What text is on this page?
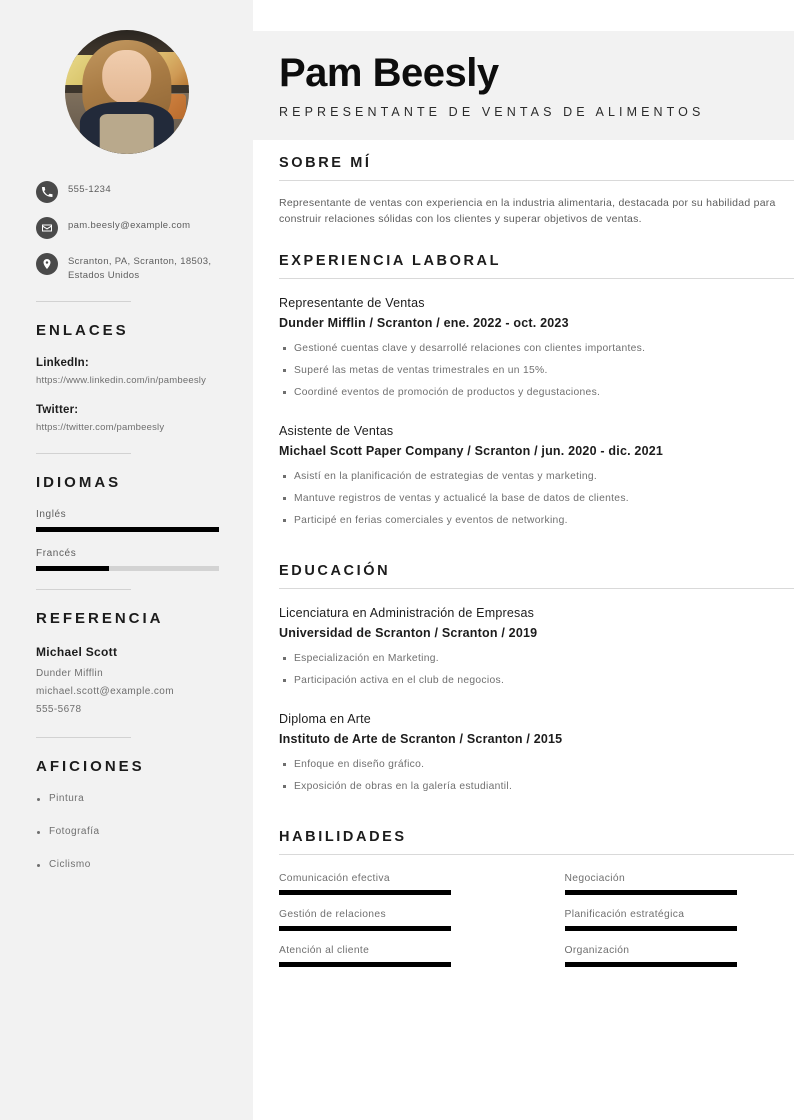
555-1234
pam.beesly@example.com
Scranton, PA, Scranton, 18503, Estados Unidos
ENLACES
LinkedIn:
https://www.linkedin.com/in/pambeesly
Twitter:
https://twitter.com/pambeesly
IDIOMAS
Inglés
Francés
REFERENCIA
Michael Scott
Dunder Mifflin
michael.scott@example.com
555-5678
AFICIONES
Pintura
Fotografía
Ciclismo
Pam Beesly
REPRESENTANTE DE VENTAS DE ALIMENTOS
SOBRE MÍ

Representante de ventas con experiencia en la industria alimentaria, destacada por su habilidad para construir relaciones sólidas con los clientes y superar objetivos de ventas.

EXPERIENCIA LABORAL
Representante de Ventas
Dunder Mifflin / Scranton / ene. 2022 - oct. 2023
Gestioné cuentas clave y desarrollé relaciones con clientes importantes.
Superé las metas de ventas trimestrales en un 15%.
Coordiné eventos de promoción de productos y degustaciones.
Asistente de Ventas
Michael Scott Paper Company / Scranton / jun. 2020 - dic. 2021
Asistí en la planificación de estrategias de ventas y marketing.
Mantuve registros de ventas y actualicé la base de datos de clientes.
Participé en ferias comerciales y eventos de networking.
EDUCACIÓN
Licenciatura en Administración de Empresas
Universidad de Scranton / Scranton / 2019
Especialización en Marketing.
Participación activa en el club de negocios.
Diploma en Arte
Instituto de Arte de Scranton / Scranton / 2015
Enfoque en diseño gráfico.
Exposición de obras en la galería estudiantil.
HABILIDADES
Comunicación efectiva	Negociación
Gestión de relaciones	Planificación estratégica
Atención al cliente	Organización
